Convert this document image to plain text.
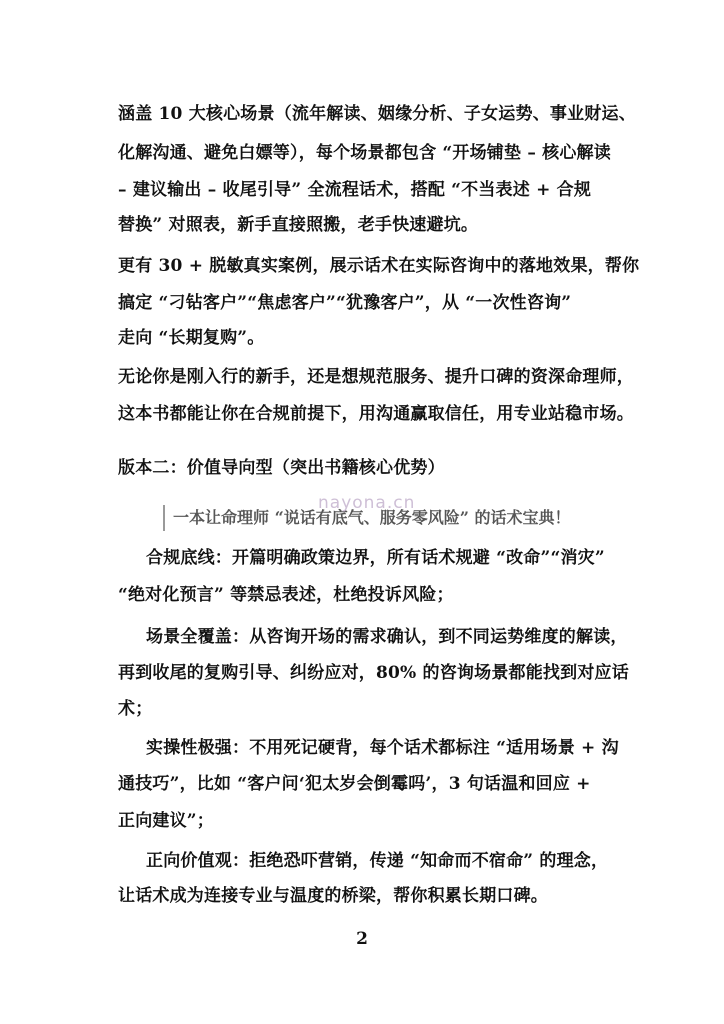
涵盖 10 大核心场景（流年解读、姻缘分析、子女运势、事业财运、
化解沟通、避免白嫖等），每个场景都包含 “开场铺垫 – 核心解读
– 建议输出 – 收尾引导” 全流程话术，搭配 “不当表述 + 合规
替换” 对照表，新手直接照搬，老手快速避坑。
更有 30 + 脱敏真实案例，展示话术在实际咨询中的落地效果，帮你
搞定 “刁钻客户”“焦虑客户”“犹豫客户”，从 “一次性咨询”
走向 “长期复购”。
无论你是刚入行的新手，还是想规范服务、提升口碑的资深命理师，
这本书都能让你在合规前提下，用沟通赢取信任，用专业站稳市场。
版本二：价值导向型（突出书籍核心优势）
一本让命理师 “说话有底气、服务零风险” 的话术宝典！
nayona.cn
合规底线：开篇明确政策边界，所有话术规避 “改命”“消灾”
“绝对化预言” 等禁忌表述，杜绝投诉风险；
场景全覆盖：从咨询开场的需求确认，到不同运势维度的解读，
再到收尾的复购引导、纠纷应对，80% 的咨询场景都能找到对应话
术；
实操性极强：不用死记硬背，每个话术都标注 “适用场景 + 沟
通技巧”，比如 “客户问‘犯太岁会倒霉吗’，3 句话温和回应 +
正向建议”；
正向价值观：拒绝恐吓营销，传递 “知命而不宿命” 的理念，
让话术成为连接专业与温度的桥梁，帮你积累长期口碑。
2
